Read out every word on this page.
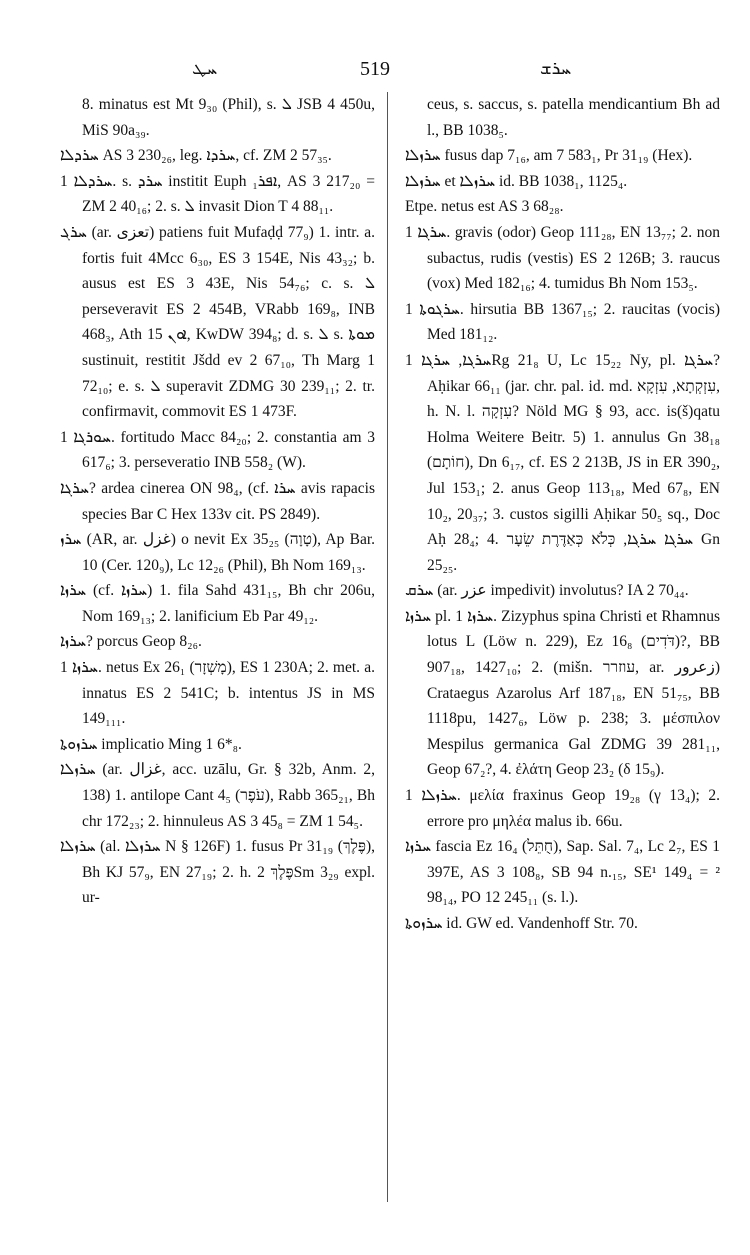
ܚܛ	519	ܚܪܫ

8. minatus est Mt 9₃₀ (Phil), s. ܠ JSB 4 450u, MiS 90a₃₉.

ܚܪܕܠܐ AS 3 230₂₆, leg. ܚܪܕܐ, cf. ZM 2 57₃₅.

ܚܪܕܠܐ 1. s. ܚܪܕ institit Euph ܐܦܪ₁, AS 3 217₂₀ = ZM 2 40₁₆; 2. s. ܠ invasit Dion T 4 88₁₁.

ܚܪܓ (ar. تعزى) patiens fuit Mufaḍḍ 77₉) 1. intr. a. fortis fuit 4Mcc 6₃₀, ES 3 154E, Nis 43₃₂; b. ausus est ES 3 43E, Nis 54₇₆; c. s. ܠ perseveravit ES 2 454B, VRabb 169₈, INB 468₃, Ath ܐܘܢ 15, KwDW 394₈; d. s. ܠ s. ܡܘܬܐ sustinuit, restitit Jšdd ev 2 67₁₀, Th Marg 1 72₁₀; e. s. ܠ superavit ZDMG 30 239₁₁; 2. tr. confirmavit, commovit ES 1 473F.

ܚܘܪܓܐ 1. fortitudo Macc 84₂₀; 2. constantia am 3 617₆; 3. perseveratio INB 558₂ (W).

ܚܪܓܐ? ardea cinerea ON 98₄, (cf. ܚܪܐ avis rapacis species Bar C Hex 133v cit. PS 2849).

ܚܪܙ (AR, ar. غزل) o nevit Ex 35₂₅ (טָוָה), Ap Bar. 10 (Cer. 120₉), Lc 12₂₆ (Phil), Bh Nom 169₁₃.

ܚܪܙܐ (cf. ܚܪܙܐ) 1. fila Sahd 431₁₅, Bh chr 206u, Nom 169₁₃; 2. lanificium Eb Par 49₁₂.

ܚܪܙܐ? porcus Geop 8₂₆.

ܚܪܙܐ 1. netus Ex 26₁ (מָשְׁזָר), ES 1 230A; 2. met. a. innatus ES 2 541C; b. intentus JS in MS 149₁₁₁.

ܚܪܙܘܬܐ implicatio Ming 1 6*₈.

ܚܪܙܠܐ (ar. غزال, acc. uzālu, Gr. § 32b, Anm. 2, 138) 1. antilope Cant 4₅ (עֹפֶר), Rabb 365₂₁, Bh chr 172₂₃; 2. hinnuleus AS 3 45₈ = ZM 1 54₅.

ܚܪܙܠܐ (al. ܚܪܙܠܐ N § 126F) 1. fusus Pr 31₁₉ (פֶּלֶךְ), Bh KJ 57₉, EN 27₁₉; 2. h. פֶּלֶךְ 2Sm 3₂₉ expl. ur-

ceus, s. saccus, s. patella mendicantium Bh ad l., BB 1038₅.

ܚܪܙܠܐ fusus dap 7₁₆, am 7 583₁, Pr 31₁₉ (Hex).

ܚܪܙܠܐ et ܚܪܙܠܐ id. BB 1038₁, 1125₄.

Etpe. netus est AS 3 68₂₈.

ܚܪܓܐ 1. gravis (odor) Geop 111₂₈, EN 13₇₇; 2. non subactus, rudis (vestis) ES 2 126B; 3. raucus (vox) Med 182₁₆; 4. tumidus Bh Nom 153₅.

ܚܪܓܘܬܐ 1. hirsutia BB 1367₁₅; 2. raucitas (vocis) Med 181₁₂.

ܚܪܓܐ, ܚܪܓܐ 1Rg 21₈ U, Lc 15₂₂ Ny, pl. ܚܪܓܐ? Aḥikar 66₁₁ (jar. chr. pal. id. md. עִזְקְתָא, עִזְקָא, h. N. l. עִזְקָה? Nöld MG § 93, acc. is(š)qatu Holma Weitere Beitr. 5) 1. annulus Gn 38₁₈ (חוֹתָם), Dn 6₁₇, cf. ES 2 213B, JS in ER 390₂, Jul 153₁; 2. anus Geop 113₁₈, Med 67₈, EN 10₂, 20₃₇; 3. custos sigilli Aḥikar 50₅ sq., Doc Aḥ 28₄; 4. ܚܪܓܐ ܚܪܓܐ, כְּלֹא כְּאַדֶּרֶת שֵׂעָר Gn 25₂₅.

ܚܪܩ (ar. عزر impedivit) involutus? IA 2 70₄₄.

ܚܪܙܐ pl. ܚܪܙܐ 1. Zizyphus spina Christi et Rhamnus lotus L (Löw n. 229), Ez 16₈ (דֹּדִים)?, BB 907₁₈, 1427₁₀; 2. (mišn. עוזרר, ar. زعرور) Crataegus Azarolus Arf 187₁₈, EN 51₇₅, BB 1118pu, 1427₆, Löw p. 238; 3. μέσπιλον Mespilus germanica Gal ZDMG 39 281₁₁, Geop 67₂?, 4. ἐλάτη Geop 23₂ (δ 15₉).

ܚܪܙܠܐ 1. μελία fraxinus Geop 19₂₈ (γ 13₄); 2. errore pro μηλέα malus ib. 66u.

ܚܪܙܐ fascia Ez 16₄ (חֻתֵּל), Sap. Sal. 7₄, Lc 2₇, ES 1 397E, AS 3 108₈, SB 94 n.₁₅, SE¹ 149₄ = ² 98₁₄, PO 12 245₁₁ (s. l.).

ܚܪܙܘܬܐ id. GW ed. Vandenhoff Str. 70.
